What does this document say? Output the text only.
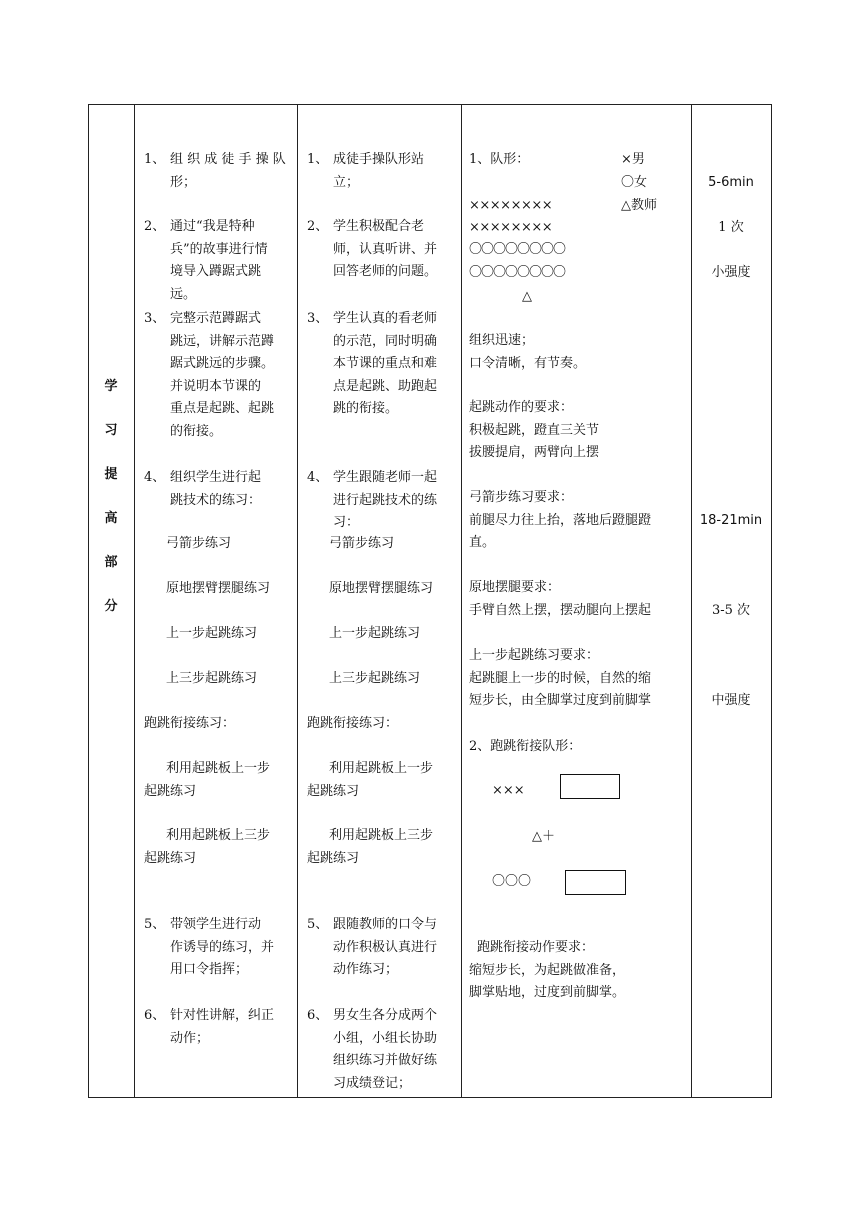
学
习
提
高
部
分
1、 组 织 成 徒 手 操 队
形；
2、 通过“我是特种
兵”的故事进行情
境导入蹲踞式跳
远。
3、 完整示范蹲踞式
跳远，讲解示范蹲
踞式跳远的步骤。
并说明本节课的
重点是起跳、起跳
的衔接。
4、 组织学生进行起
跳技术的练习：
弓箭步练习
原地摆臂摆腿练习
上一步起跳练习
上三步起跳练习
跑跳衔接练习：
利用起跳板上一步
起跳练习
利用起跳板上三步
起跳练习
5、 带领学生进行动
作诱导的练习，并
用口令指挥；
6、 针对性讲解，纠正
动作；
1、 成徒手操队形站
立；
2、 学生积极配合老
师，认真听讲、并
回答老师的问题。
3、 学生认真的看老师
的示范，同时明确
本节课的重点和难
点是起跳、助跑起
跳的衔接。
4、 学生跟随老师一起
进行起跳技术的练
习：
弓箭步练习
原地摆臂摆腿练习
上一步起跳练习
上三步起跳练习
跑跳衔接练习：
利用起跳板上一步
起跳练习
利用起跳板上三步
起跳练习
5、 跟随教师的口令与
动作积极认真进行
动作练习；
6、 男女生各分成两个
小组，小组长协助
组织练习并做好练
习成绩登记；
1、队形：	×男
〇女
△教师
××××××××
××××××××
〇〇〇〇〇〇〇〇
〇〇〇〇〇〇〇〇
△
组织迅速；
口令清晰，有节奏。
起跳动作的要求：
积极起跳，蹬直三关节
拔腰提肩，两臂向上摆
弓箭步练习要求：
前腿尽力往上抬，落地后蹬腿蹬
直。
原地摆腿要求：
手臂自然上摆，摆动腿向上摆起
上一步起跳练习要求：
起跳腿上一步的时候，自然的缩
短步长，由全脚掌过度到前脚掌
2、跑跳衔接队形：
×××
△＋
〇〇〇
跑跳衔接动作要求：
缩短步长，为起跳做准备，
脚掌贴地，过度到前脚掌。
5-6min
1 次
小强度
18-21min
3-5 次
中强度
